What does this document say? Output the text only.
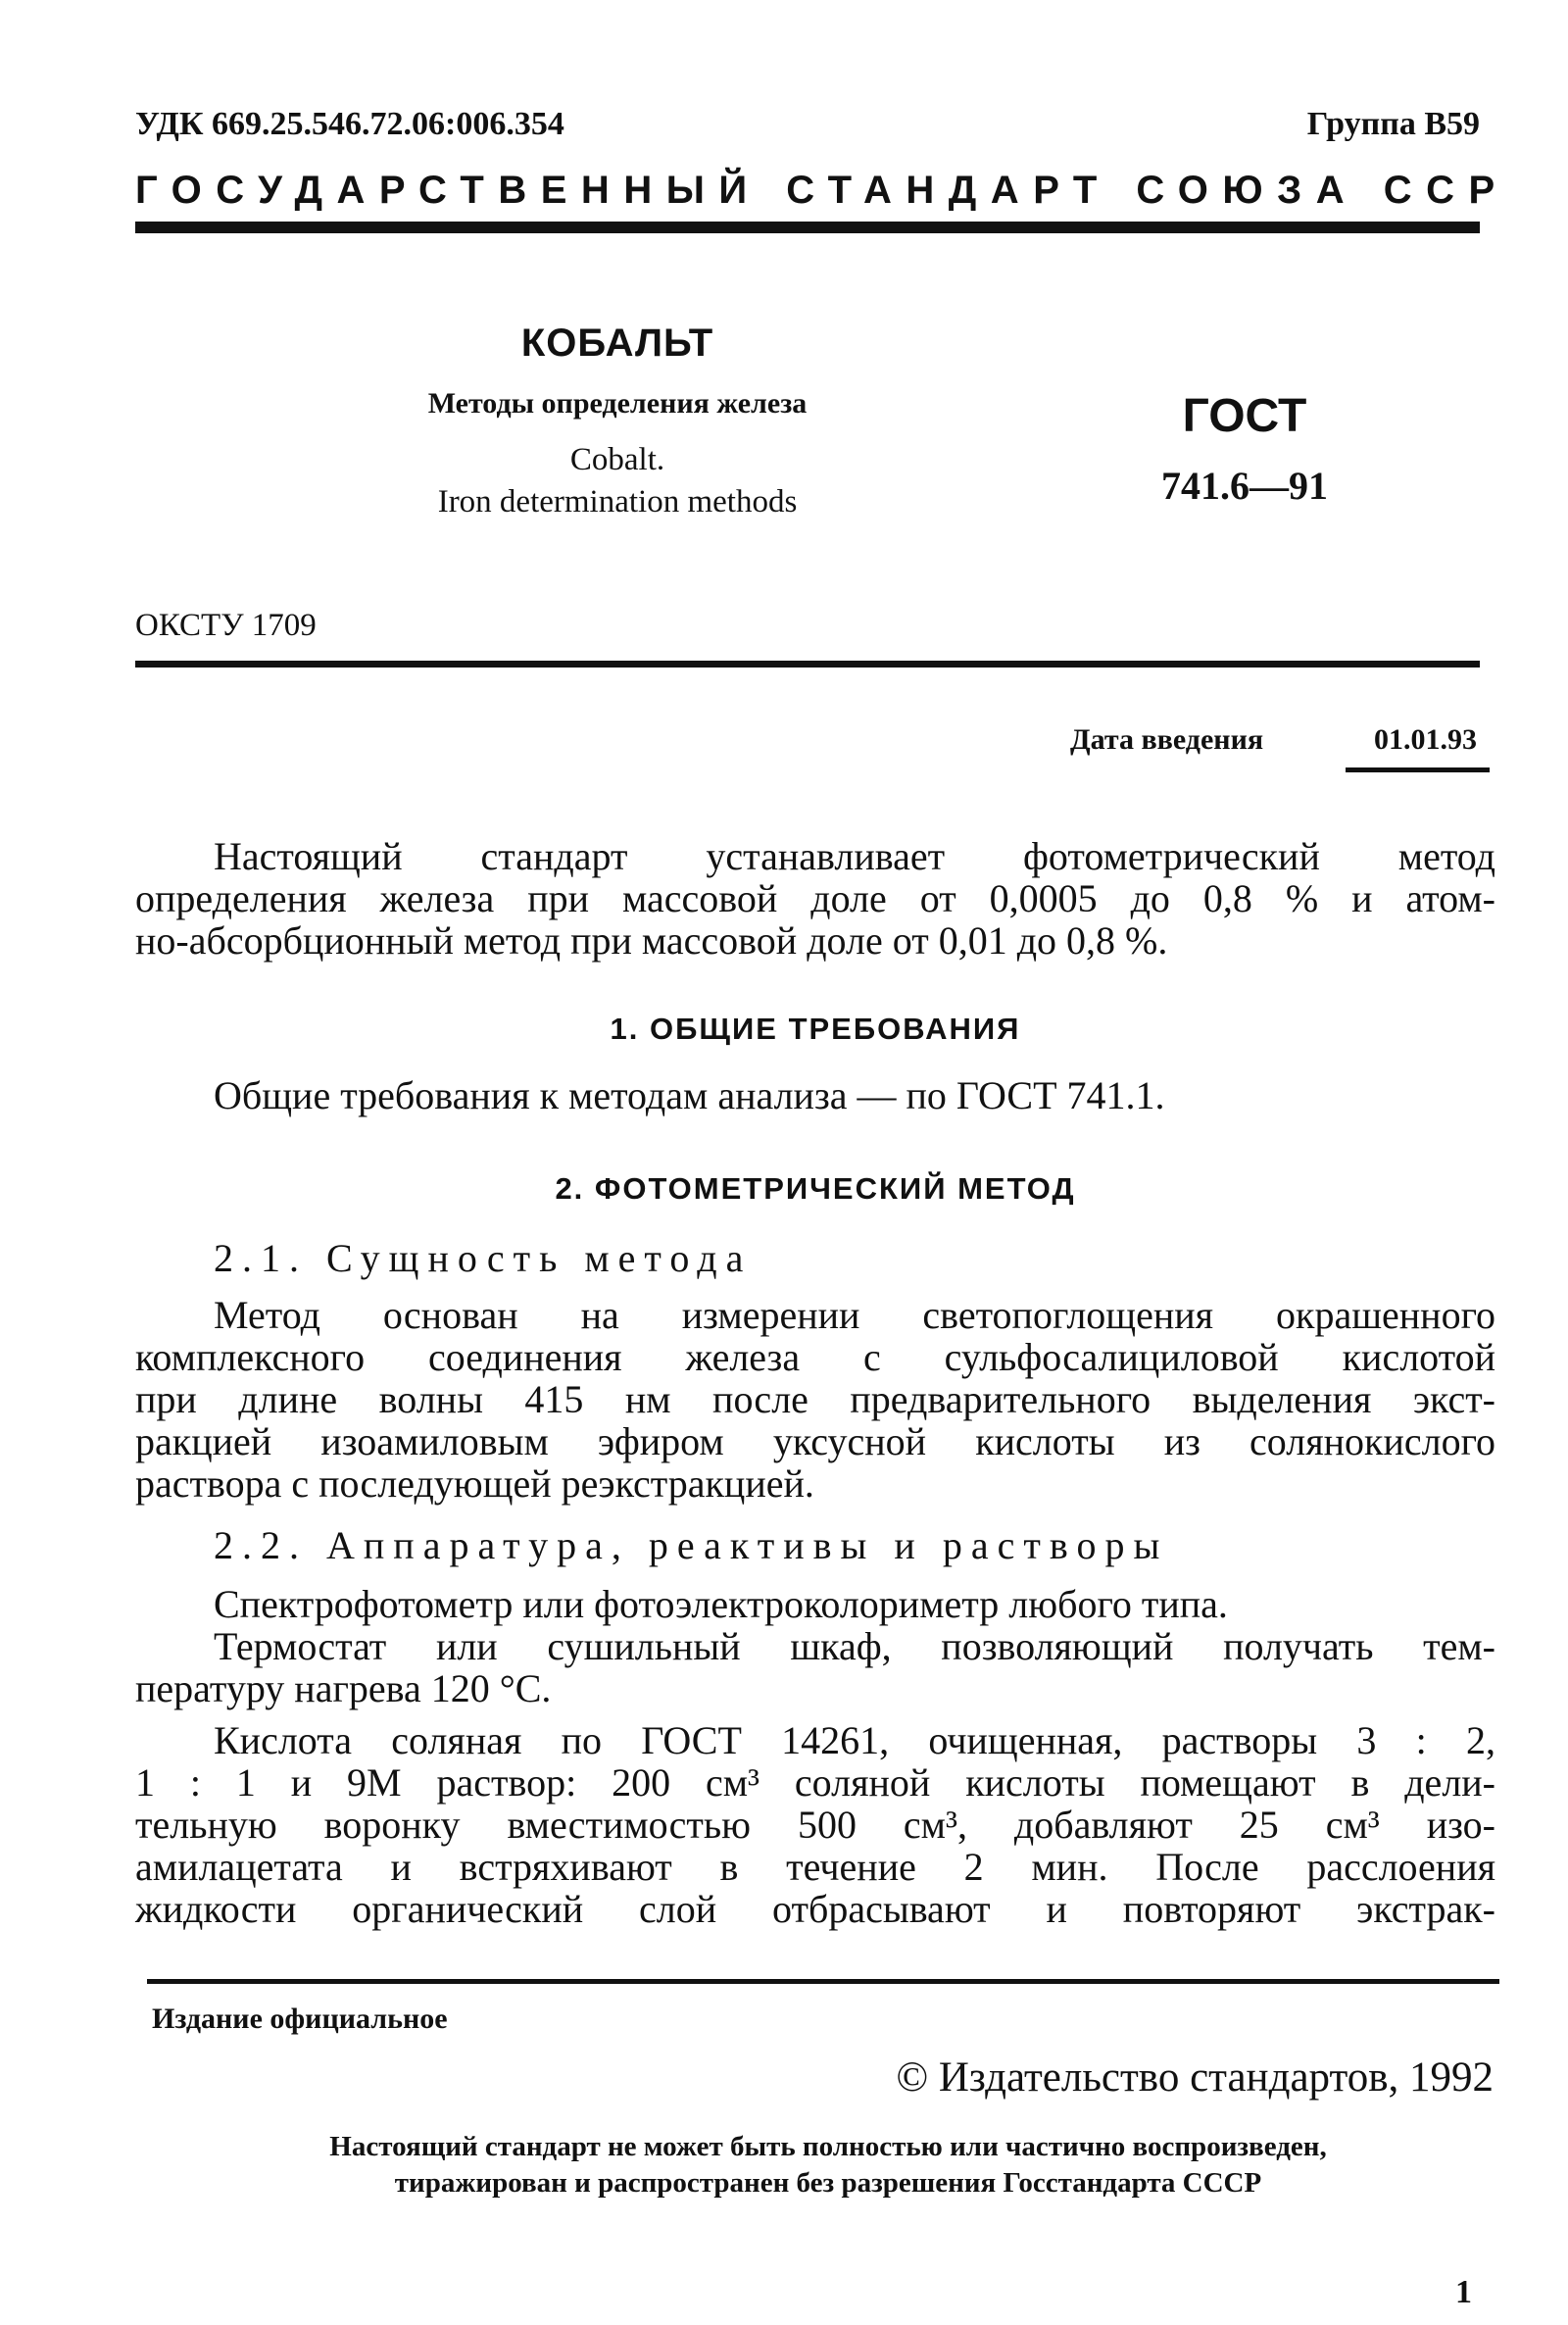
УДК 669.25.546.72.06:006.354	Группа В59
ГОСУДАРСТВЕННЫЙ СТАНДАРТ СОЮЗА ССР
КОБАЛЬТ
Методы определения железа
Cobalt.
Iron determination methods
ГОСТ
741.6—91
ОКСТУ 1709
Дата введения	01.01.93
Настоящий стандарт устанавливает фотометрический метод
определения железа при массовой доле от 0,0005 до 0,8 % и атом-
но-абсорбционный метод при массовой доле от 0,01 до 0,8 %.
1. ОБЩИЕ ТРЕБОВАНИЯ
Общие требования к методам анализа — по ГОСТ 741.1.
2. ФОТОМЕТРИЧЕСКИЙ МЕТОД
2.1. Сущность метода
Метод основан на измерении светопоглощения окрашенного
комплексного соединения железа с сульфосалициловой кислотой
при длине волны 415 нм после предварительного выделения экст-
ракцией изоамиловым эфиром уксусной кислоты из солянокислого
раствора с последующей реэкстракцией.
2.2. Аппаратура, реактивы и растворы
Спектрофотометр или фотоэлектроколориметр любого типа.
Термостат или сушильный шкаф, позволяющий получать тем-
пературу нагрева 120 °С.
Кислота соляная по ГОСТ 14261, очищенная, растворы 3 : 2,
1 : 1 и 9М раствор: 200 см³ соляной кислоты помещают в дели-
тельную воронку вместимостью 500 см³, добавляют 25 см³ изо-
амилацетата и встряхивают в течение 2 мин. После расслоения
жидкости органический слой отбрасывают и повторяют экстрак-
Издание официальное
© Издательство стандартов, 1992
Настоящий стандарт не может быть полностью или частично воспроизведен,
тиражирован и распространен без разрешения Госстандарта СССР
1
